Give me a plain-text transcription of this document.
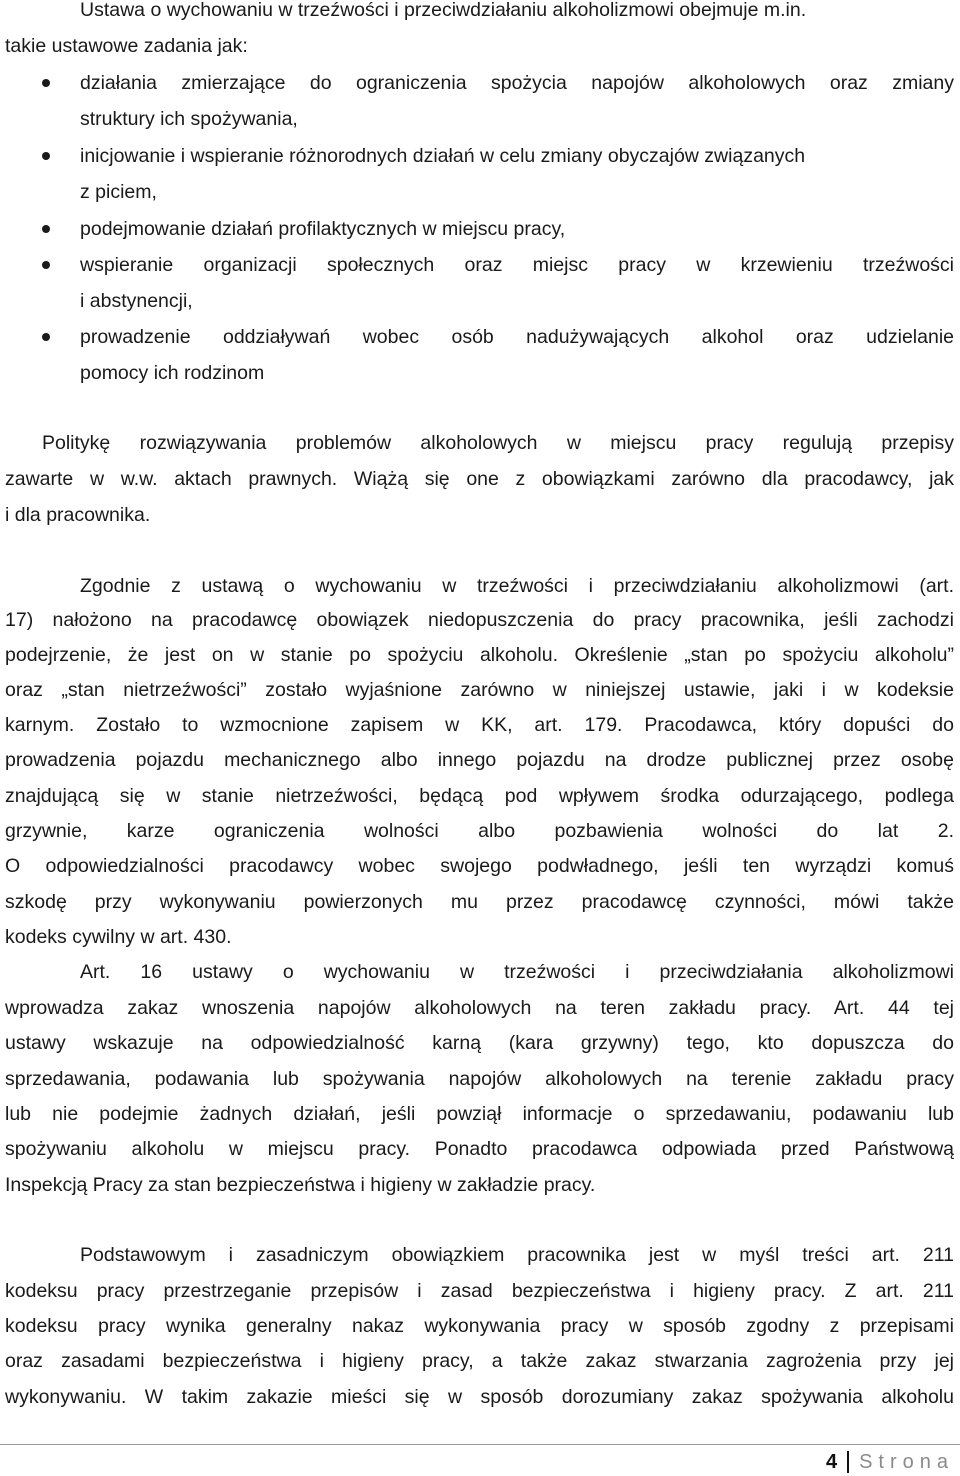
Ustawa o wychowaniu w trzeźwości i przeciwdziałaniu alkoholizmowi obejmuje m.in.
takie ustawowe zadania jak:
działania zmierzające do ograniczenia spożycia napojów alkoholowych oraz zmiany
struktury ich spożywania,
inicjowanie i wspieranie różnorodnych działań w celu zmiany obyczajów związanych
z piciem,
podejmowanie działań profilaktycznych w miejscu pracy,
wspieranie organizacji społecznych oraz miejsc pracy w krzewieniu trzeźwości
i abstynencji,
prowadzenie oddziaływań wobec osób nadużywających alkohol oraz udzielanie
pomocy ich rodzinom
Politykę rozwiązywania problemów alkoholowych w miejscu pracy regulują przepisy
zawarte w w.w. aktach prawnych. Wiążą się one z obowiązkami zarówno dla pracodawcy, jak
i dla pracownika.
Zgodnie z ustawą o wychowaniu w trzeźwości i przeciwdziałaniu alkoholizmowi (art.
17) nałożono na pracodawcę obowiązek niedopuszczenia do pracy pracownika, jeśli zachodzi
podejrzenie, że jest on w stanie po spożyciu alkoholu. Określenie „stan po spożyciu alkoholu”
oraz „stan nietrzeźwości” zostało wyjaśnione zarówno w niniejszej ustawie, jaki i w kodeksie
karnym. Zostało to wzmocnione zapisem w KK, art. 179. Pracodawca, który dopuści do
prowadzenia pojazdu mechanicznego albo innego pojazdu na drodze publicznej przez osobę
znajdującą się w stanie nietrzeźwości, będącą pod wpływem środka odurzającego, podlega
grzywnie, karze ograniczenia wolności albo pozbawienia wolności do lat 2.
O odpowiedzialności pracodawcy wobec swojego podwładnego, jeśli ten wyrządzi komuś
szkodę przy wykonywaniu powierzonych mu przez pracodawcę czynności, mówi także
kodeks cywilny w art. 430.
Art. 16 ustawy o wychowaniu w trzeźwości i przeciwdziałania alkoholizmowi
wprowadza zakaz wnoszenia napojów alkoholowych na teren zakładu pracy. Art. 44 tej
ustawy wskazuje na odpowiedzialność karną (kara grzywny) tego, kto dopuszcza do
sprzedawania, podawania lub spożywania napojów alkoholowych na terenie zakładu pracy
lub nie podejmie żadnych działań, jeśli powziął informacje o sprzedawaniu, podawaniu lub
spożywaniu alkoholu w miejscu pracy. Ponadto pracodawca odpowiada przed Państwową
Inspekcją Pracy za stan bezpieczeństwa i higieny w zakładzie pracy.
Podstawowym i zasadniczym obowiązkiem pracownika jest w myśl treści art. 211
kodeksu pracy przestrzeganie przepisów i zasad bezpieczeństwa i higieny pracy. Z art. 211
kodeksu pracy wynika generalny nakaz wykonywania pracy w sposób zgodny z przepisami
oraz zasadami bezpieczeństwa i higieny pracy, a także zakaz stwarzania zagrożenia przy jej
wykonywaniu. W takim zakazie mieści się w sposób dorozumiany zakaz spożywania alkoholu
4 Strona
